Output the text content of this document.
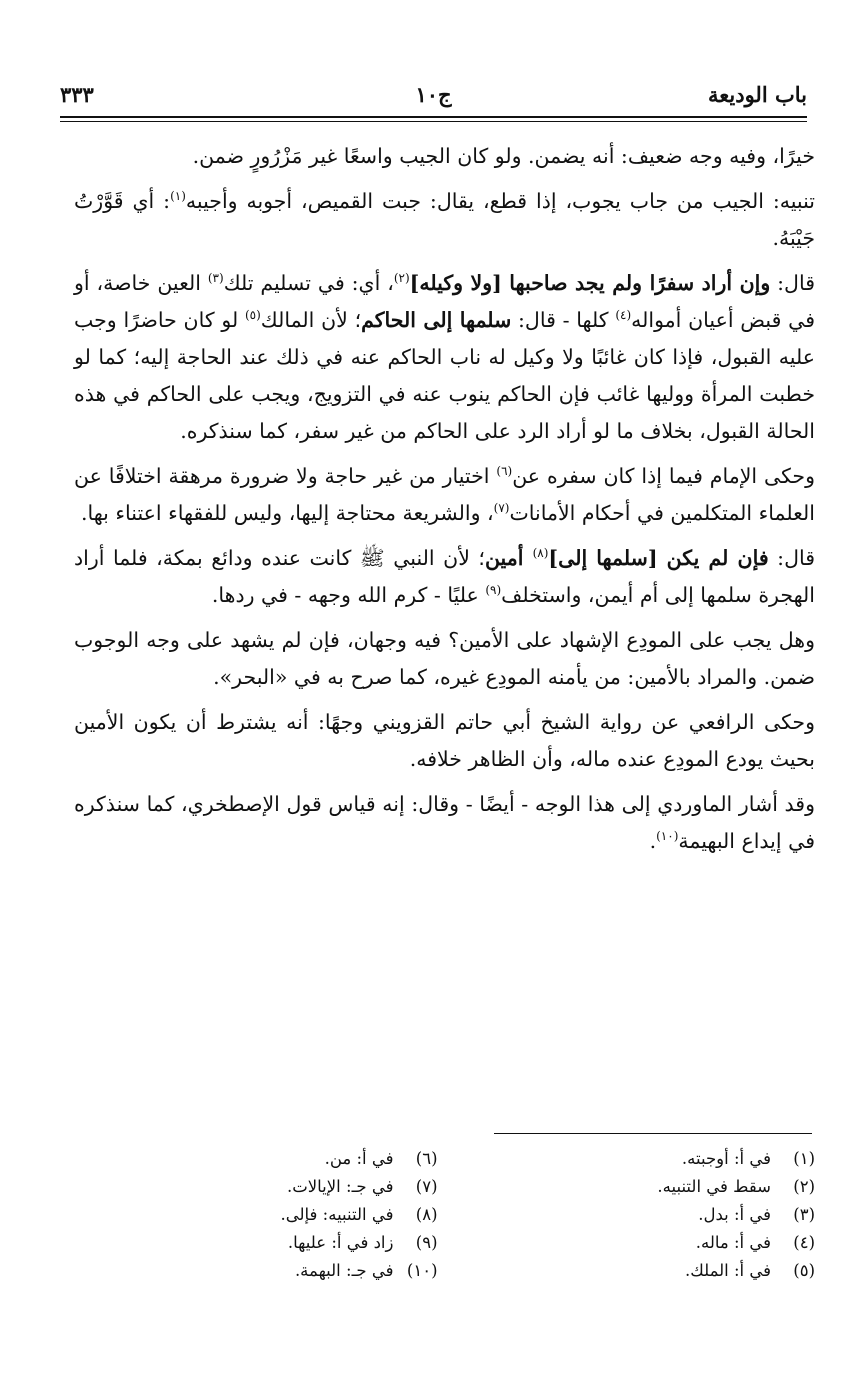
باب الوديعة
ج١٠
٣٣٣

خيرًا، وفيه وجه ضعيف: أنه يضمن. ولو كان الجيب واسعًا غير مَزْرُورٍ ضمن.

تنبيه: الجيب من جاب يجوب، إذا قطع، يقال: جبت القميص، أجوبه وأجيبه$^{(١)}$: أي قَوَّرْتُ جَيْبَهُ.

قال: وإن أراد سفرًا ولم يجد صاحبها [ولا وكيله]$^{(٢)}$، أي: في تسليم تلك$^{(٣)}$ العين خاصة، أو في قبض أعيان أمواله$^{(٤)}$ كلها - قال: سلمها إلى الحاكم؛ لأن المالك$^{(٥)}$ لو كان حاضرًا وجب عليه القبول، فإذا كان غائبًا ولا وكيل له ناب الحاكم عنه في ذلك عند الحاجة إليه؛ كما لو خطبت المرأة ووليها غائب فإن الحاكم ينوب عنه في التزويج، ويجب على الحاكم في هذه الحالة القبول، بخلاف ما لو أراد الرد على الحاكم من غير سفر، كما سنذكره.

وحكى الإمام فيما إذا كان سفره عن$^{(٦)}$ اختيار من غير حاجة ولا ضرورة مرهقة اختلافًا عن العلماء المتكلمين في أحكام الأمانات$^{(٧)}$، والشريعة محتاجة إليها، وليس للفقهاء اعتناء بها.

قال: فإن لم يكن [سلمها إلى]$^{(٨)}$ أمين؛ لأن النبي ﷺ كانت عنده ودائع بمكة، فلما أراد الهجرة سلمها إلى أم أيمن، واستخلف$^{(٩)}$ عليًا - كرم الله وجهه - في ردها.

وهل يجب على المودِع الإشهاد على الأمين؟ فيه وجهان، فإن لم يشهد على وجه الوجوب ضمن. والمراد بالأمين: من يأمنه المودِع غيره، كما صرح به في «البحر».

وحكى الرافعي عن رواية الشيخ أبي حاتم القزويني وجهًا: أنه يشترط أن يكون الأمين بحيث يودع المودِع عنده ماله، وأن الظاهر خلافه.

وقد أشار الماوردي إلى هذا الوجه - أيضًا - وقال: إنه قياس قول الإصطخري، كما سنذكره في إيداع البهيمة$^{(١٠)}$.

(١)
في أ: أوجبته.
(٢)
سقط في التنبيه.
(٣)
في أ: بدل.
(٤)
في أ: ماله.
(٥)
في أ: الملك.
(٦)
في أ: من.
(٧)
في جـ: الإيالات.
(٨)
في التنبيه: فإلى.
(٩)
زاد في أ: عليها.
(١٠)
في جـ: البهمة.
